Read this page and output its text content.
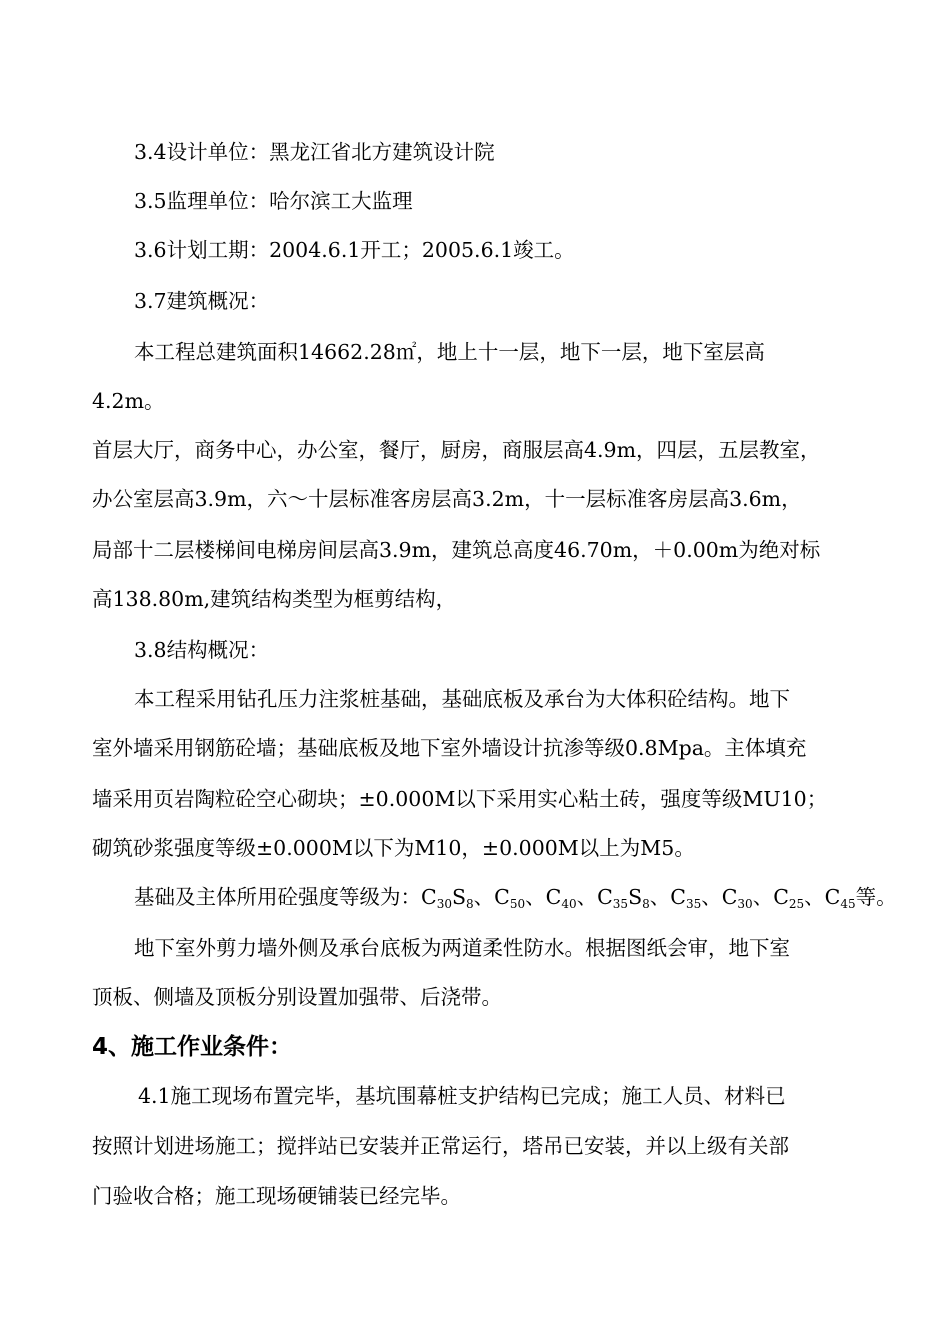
3.4设计单位：黑龙江省北方建筑设计院

3.5监理单位：哈尔滨工大监理

3.6计划工期：2004.6.1开工；2005.6.1竣工。

3.7建筑概况：

本工程总建筑面积14662.28㎡，地上十一层，地下一层，地下室层高

4.2m。

首层大厅，商务中心，办公室，餐厅，厨房，商服层高4.9m，四层，五层教室，

办公室层高3.9m，六～十层标准客房层高3.2m，十一层标准客房层高3.6m，

局部十二层楼梯间电梯房间层高3.9m，建筑总高度46.70m，＋0.00m为绝对标

高138.80m,建筑结构类型为框剪结构，

3.8结构概况：

本工程采用钻孔压力注浆桩基础，基础底板及承台为大体积砼结构。地下

室外墙采用钢筋砼墙；基础底板及地下室外墙设计抗渗等级0.8Mpa。主体填充

墙采用页岩陶粒砼空心砌块；±0.000M以下采用实心粘土砖，强度等级MU10；

砌筑砂浆强度等级±0.000M以下为M10，±0.000M以上为M5。

基础及主体所用砼强度等级为：$C_{30}S_8$、$C_{50}$、$C_{40}$、$C_{35}S_8$、$C_{35}$、$C_{30}$、$C_{25}$、$C_{45}$等。

地下室外剪力墙外侧及承台底板为两道柔性防水。根据图纸会审，地下室

顶板、侧墙及顶板分别设置加强带、后浇带。

4、施工作业条件：

4.1施工现场布置完毕，基坑围幕桩支护结构已完成；施工人员、材料已

按照计划进场施工；搅拌站已安装并正常运行，塔吊已安装，并以上级有关部

门验收合格；施工现场硬铺装已经完毕。
